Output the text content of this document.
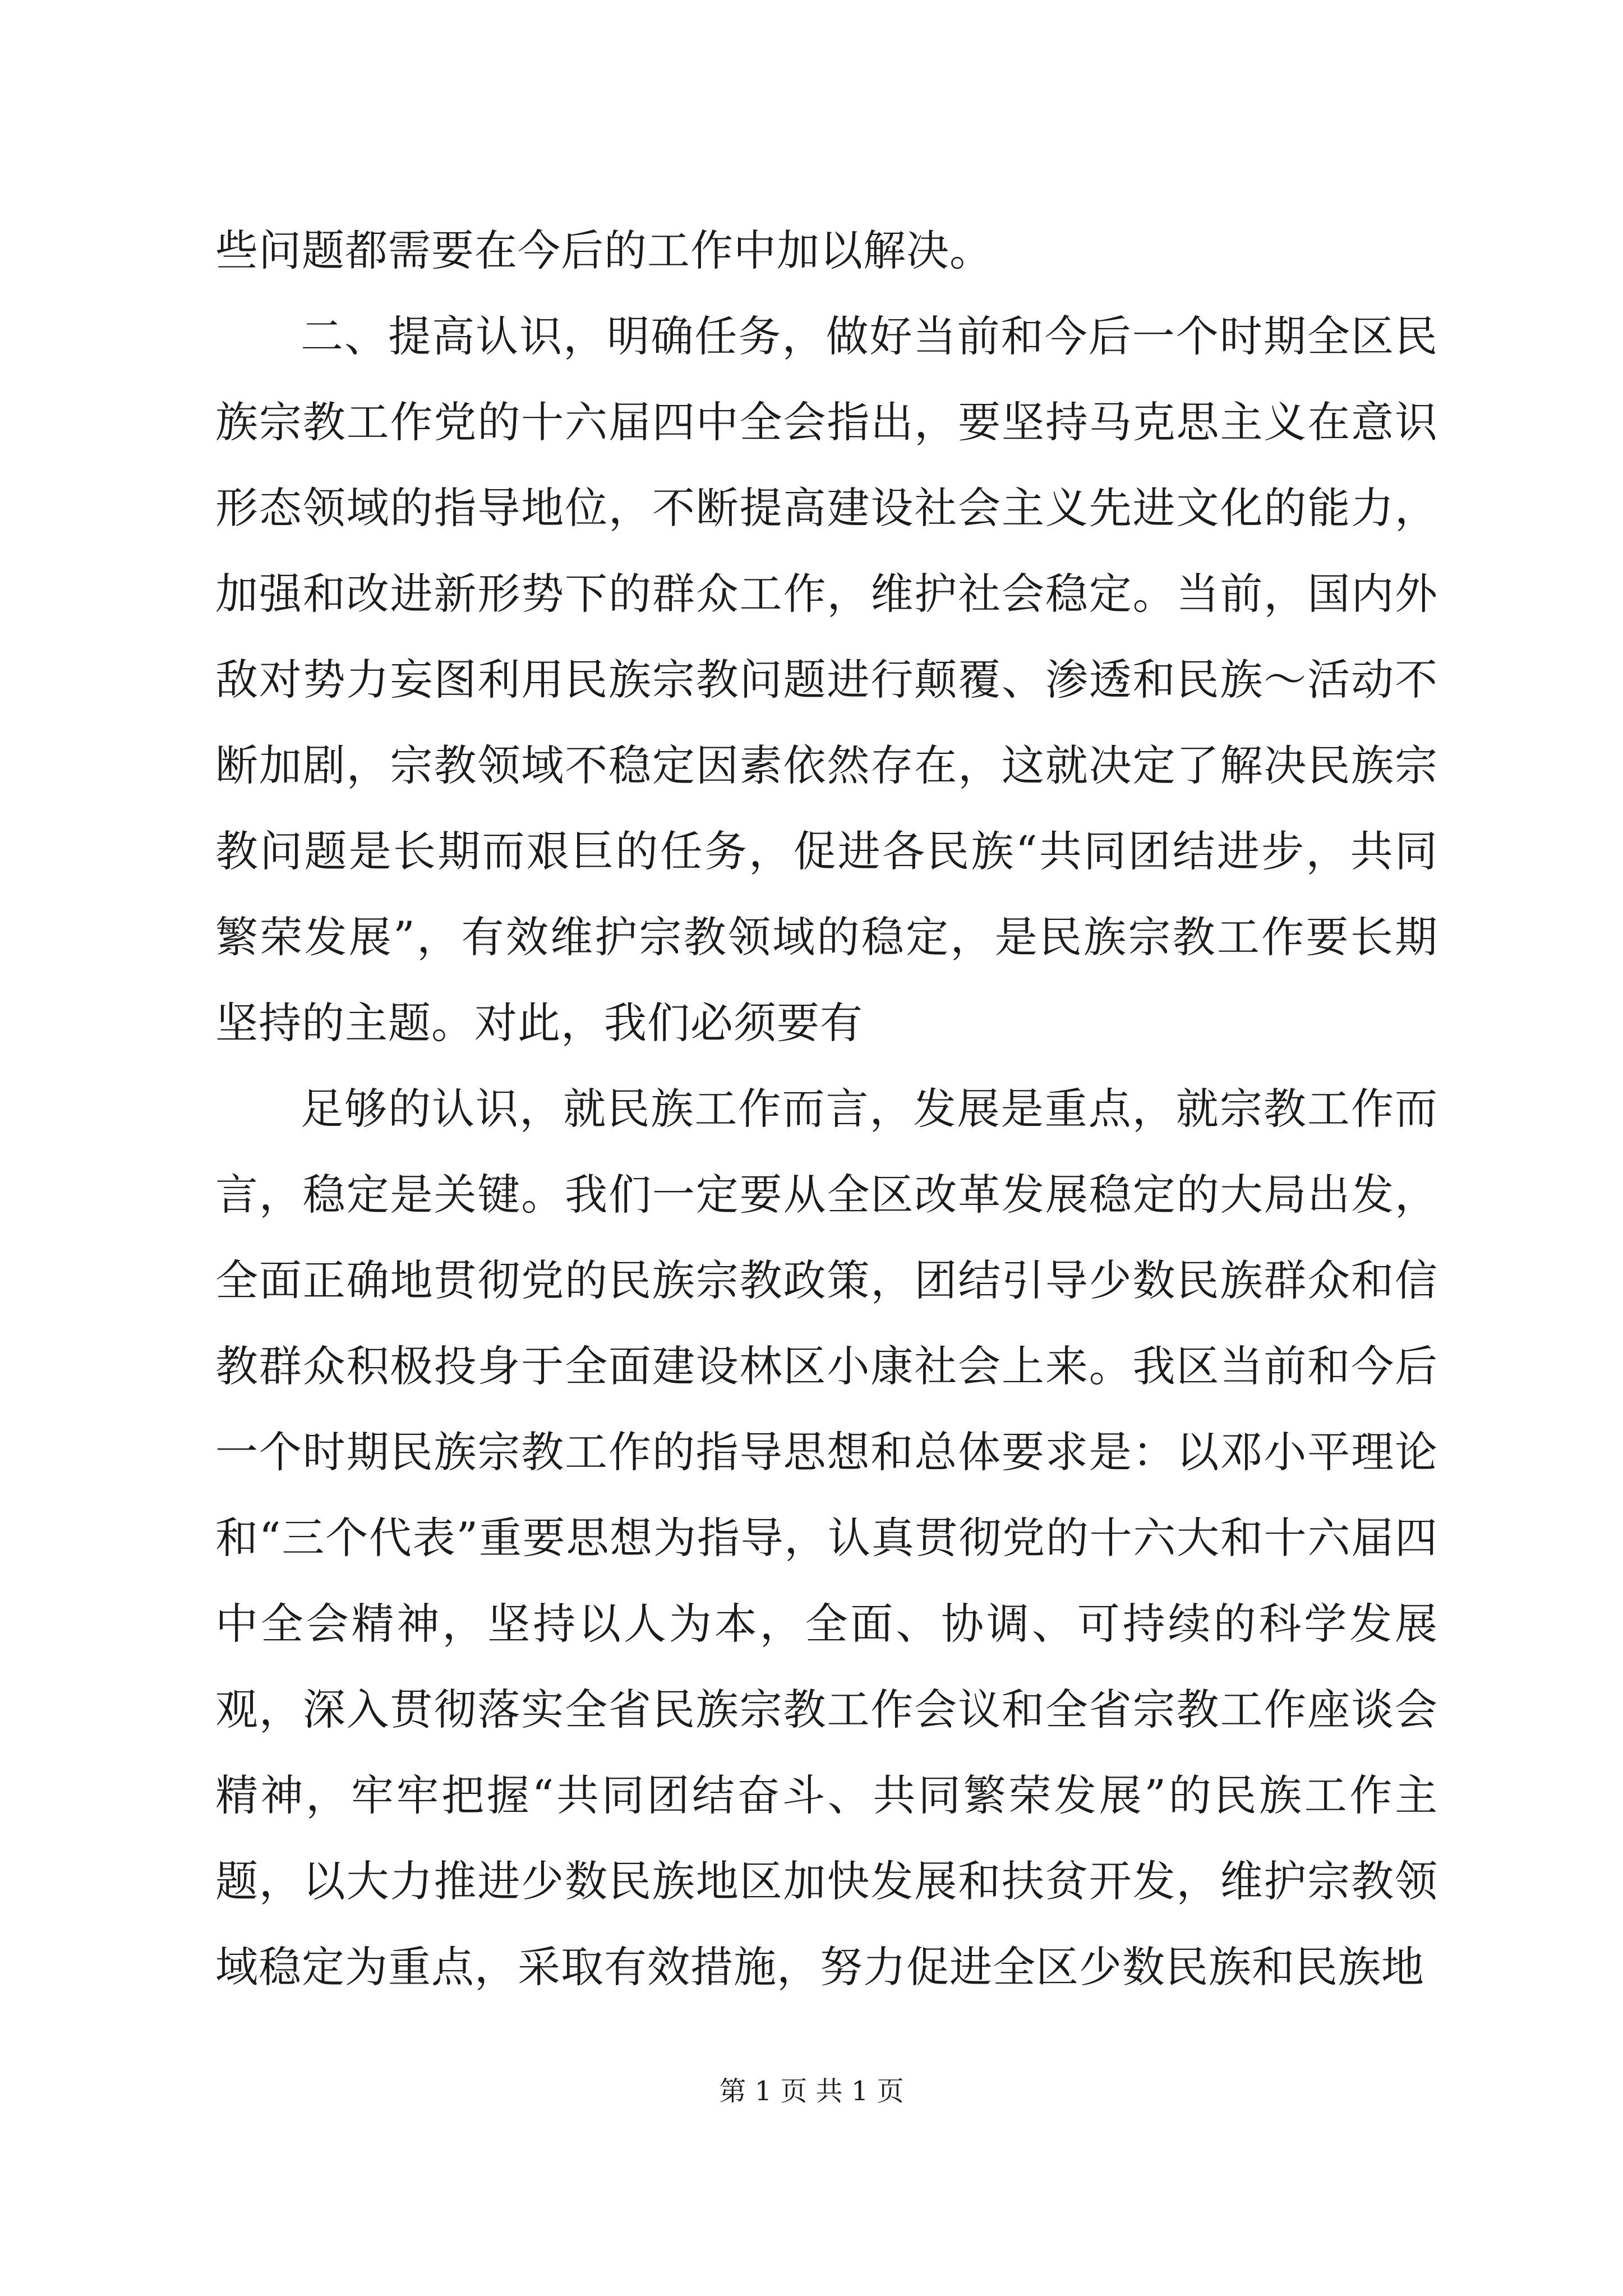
些问题都需要在今后的工作中加以解决。

二、提高认识，明确任务，做好当前和今后一个时期全区民族宗教工作党的十六届四中全会指出，要坚持马克思主义在意识形态领域的指导地位，不断提高建设社会主义先进文化的能力，加强和改进新形势下的群众工作，维护社会稳定。当前，国内外敌对势力妄图利用民族宗教问题进行颠覆、渗透和民族～活动不断加剧，宗教领域不稳定因素依然存在，这就决定了解决民族宗教问题是长期而艰巨的任务，促进各民族“共同团结进步，共同繁荣发展”，有效维护宗教领域的稳定，是民族宗教工作要长期坚持的主题。对此，我们必须要有

足够的认识，就民族工作而言，发展是重点，就宗教工作而言，稳定是关键。我们一定要从全区改革发展稳定的大局出发，全面正确地贯彻党的民族宗教政策，团结引导少数民族群众和信教群众积极投身于全面建设林区小康社会上来。我区当前和今后一个时期民族宗教工作的指导思想和总体要求是：以邓小平理论和“三个代表”重要思想为指导，认真贯彻党的十六大和十六届四中全会精神，坚持以人为本，全面、协调、可持续的科学发展观，深入贯彻落实全省民族宗教工作会议和全省宗教工作座谈会精神，牢牢把握“共同团结奋斗、共同繁荣发展”的民族工作主题，以大力推进少数民族地区加快发展和扶贫开发，维护宗教领域稳定为重点，采取有效措施，努力促进全区少数民族和民族地

第 1 页 共 1 页
